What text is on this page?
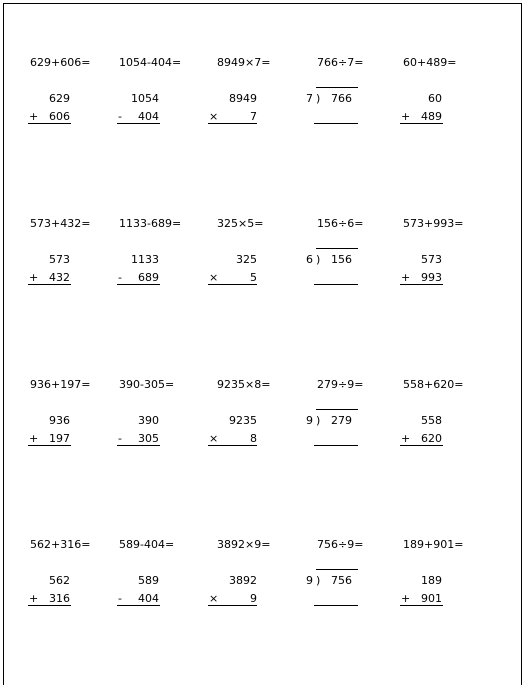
629+606=
629
+ 606
1054-404=
1054
-	404
8949×7=
8949
×	7
766÷7=
7 ) 766
60+489=
60
+ 489
573+432=
573
+ 432
1133-689=
1133
-	689
325×5=
325
×	5
156÷6=
6 ) 156
573+993=
573
+ 993
936+197=
936
+ 197
390-305=
390
-	305
9235×8=
9235
×	8
279÷9=
9 ) 279
558+620=
558
+ 620
562+316=
562
+ 316
589-404=
589
-	404
3892×9=
3892
×	9
756÷9=
9 ) 756
189+901=
189
+ 901
